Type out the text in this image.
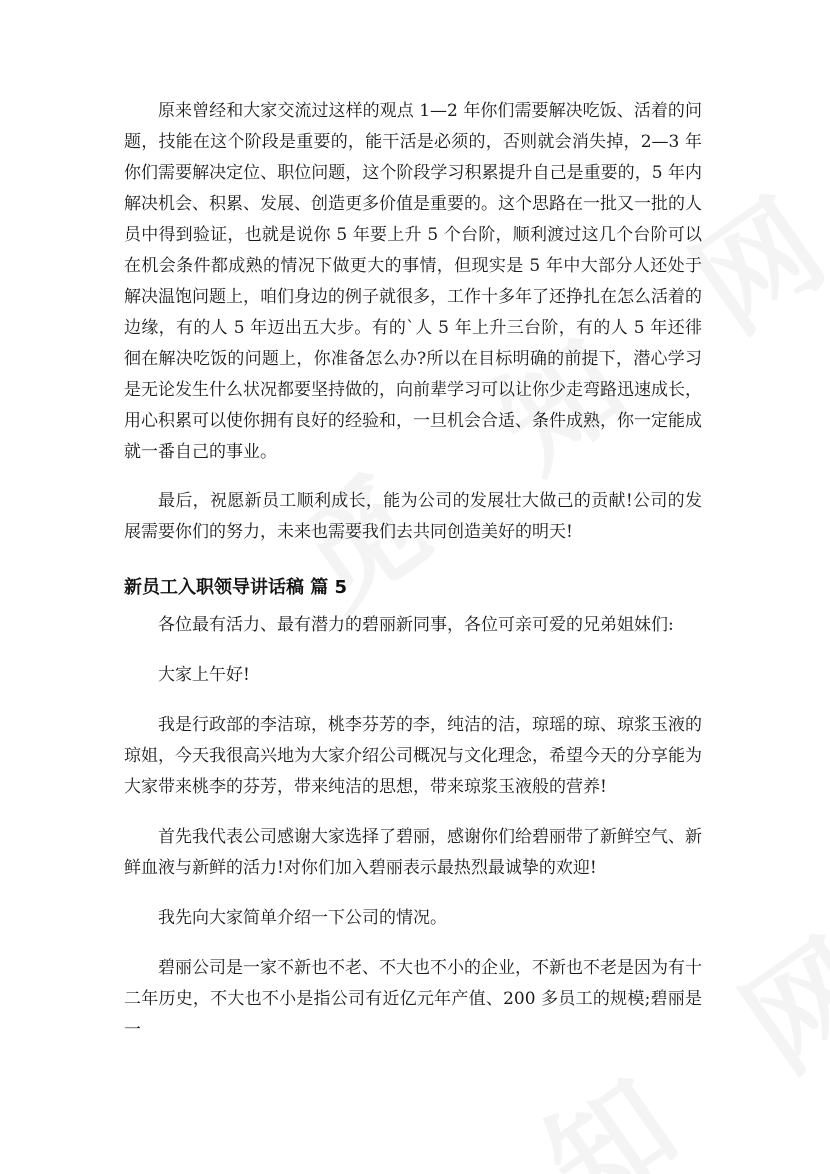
原来曾经和大家交流过这样的观点 1—2 年你们需要解决吃饭、活着的问题，技能在这个阶段是重要的，能干活是必须的，否则就会消失掉，2—3 年你们需要解决定位、职位问题，这个阶段学习积累提升自己是重要的，5 年内解决机会、积累、发展、创造更多价值是重要的。这个思路在一批又一批的人员中得到验证，也就是说你 5 年要上升 5 个台阶，顺利渡过这几个台阶可以在机会条件都成熟的情况下做更大的事情，但现实是 5 年中大部分人还处于解决温饱问题上，咱们身边的例子就很多，工作十多年了还挣扎在怎么活着的边缘，有的人 5 年迈出五大步。有的`人 5 年上升三台阶，有的人 5 年还徘徊在解决吃饭的问题上，你准备怎么办?所以在目标明确的前提下，潜心学习是无论发生什么状况都要坚持做的，向前辈学习可以让你少走弯路迅速成长，用心积累可以使你拥有良好的经验和，一旦机会合适、条件成熟，你一定能成就一番自己的事业。

最后，祝愿新员工顺利成长，能为公司的发展壮大做己的贡献!公司的发展需要你们的努力，未来也需要我们去共同创造美好的明天!

新员工入职领导讲话稿 篇 5

各位最有活力、最有潜力的碧丽新同事，各位可亲可爱的兄弟姐妹们:

大家上午好!

我是行政部的李洁琼，桃李芬芳的李，纯洁的洁，琼瑶的琼、琼浆玉液的琼姐，今天我很高兴地为大家介绍公司概况与文化理念，希望今天的分享能为大家带来桃李的芬芳，带来纯洁的思想，带来琼浆玉液般的营养!

首先我代表公司感谢大家选择了碧丽，感谢你们给碧丽带了新鲜空气、新鲜血液与新鲜的活力!对你们加入碧丽表示最热烈最诚挚的欢迎!

我先向大家简单介绍一下公司的情况。

碧丽公司是一家不新也不老、不大也不小的企业，不新也不老是因为有十二年历史，不大也不小是指公司有近亿元年产值、200 多员工的规模;碧丽是一
